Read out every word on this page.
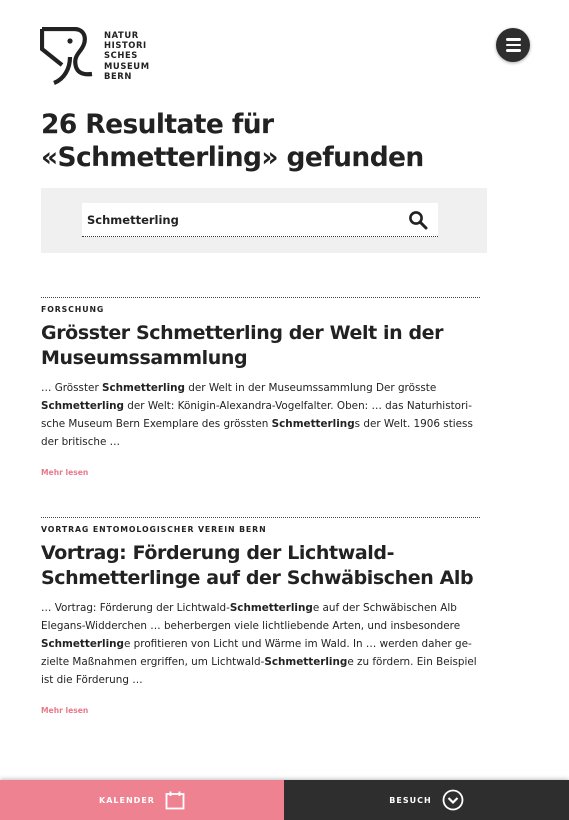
NATUR
HISTORI
SCHES
MUSEUM
BERN
26 Resultate für «Schmetterling» gefunden
Schmetterling
FORSCHUNG
Grösster Schmetterling der Welt in der Museumssammlung

… Grösster Schmetterling der Welt in der Museumssammlung Der grösste Schmetterling der Welt: Königin-Alexandra-Vogelfalter. Oben: … das Naturhistorische Museum Bern Exemplare des grössten Schmetterlings der Welt. 1906 stiess der britische …

Mehr lesen
VORTRAG ENTOMOLOGISCHER VEREIN BERN
Vortrag: Förderung der Lichtwald-Schmetterlinge auf der Schwäbischen Alb

… Vortrag: Förderung der Lichtwald-Schmetterlinge auf der Schwäbischen Alb Elegans-Widderchen … beherbergen viele lichtliebende Arten, und insbesondere Schmetterlinge profitieren von Licht und Wärme im Wald. In … werden daher gezielte Maßnahmen ergriffen, um Lichtwald-Schmetterlinge zu fördern. Ein Beispiel ist die Förderung …

Mehr lesen
KALENDER	BESUCH
